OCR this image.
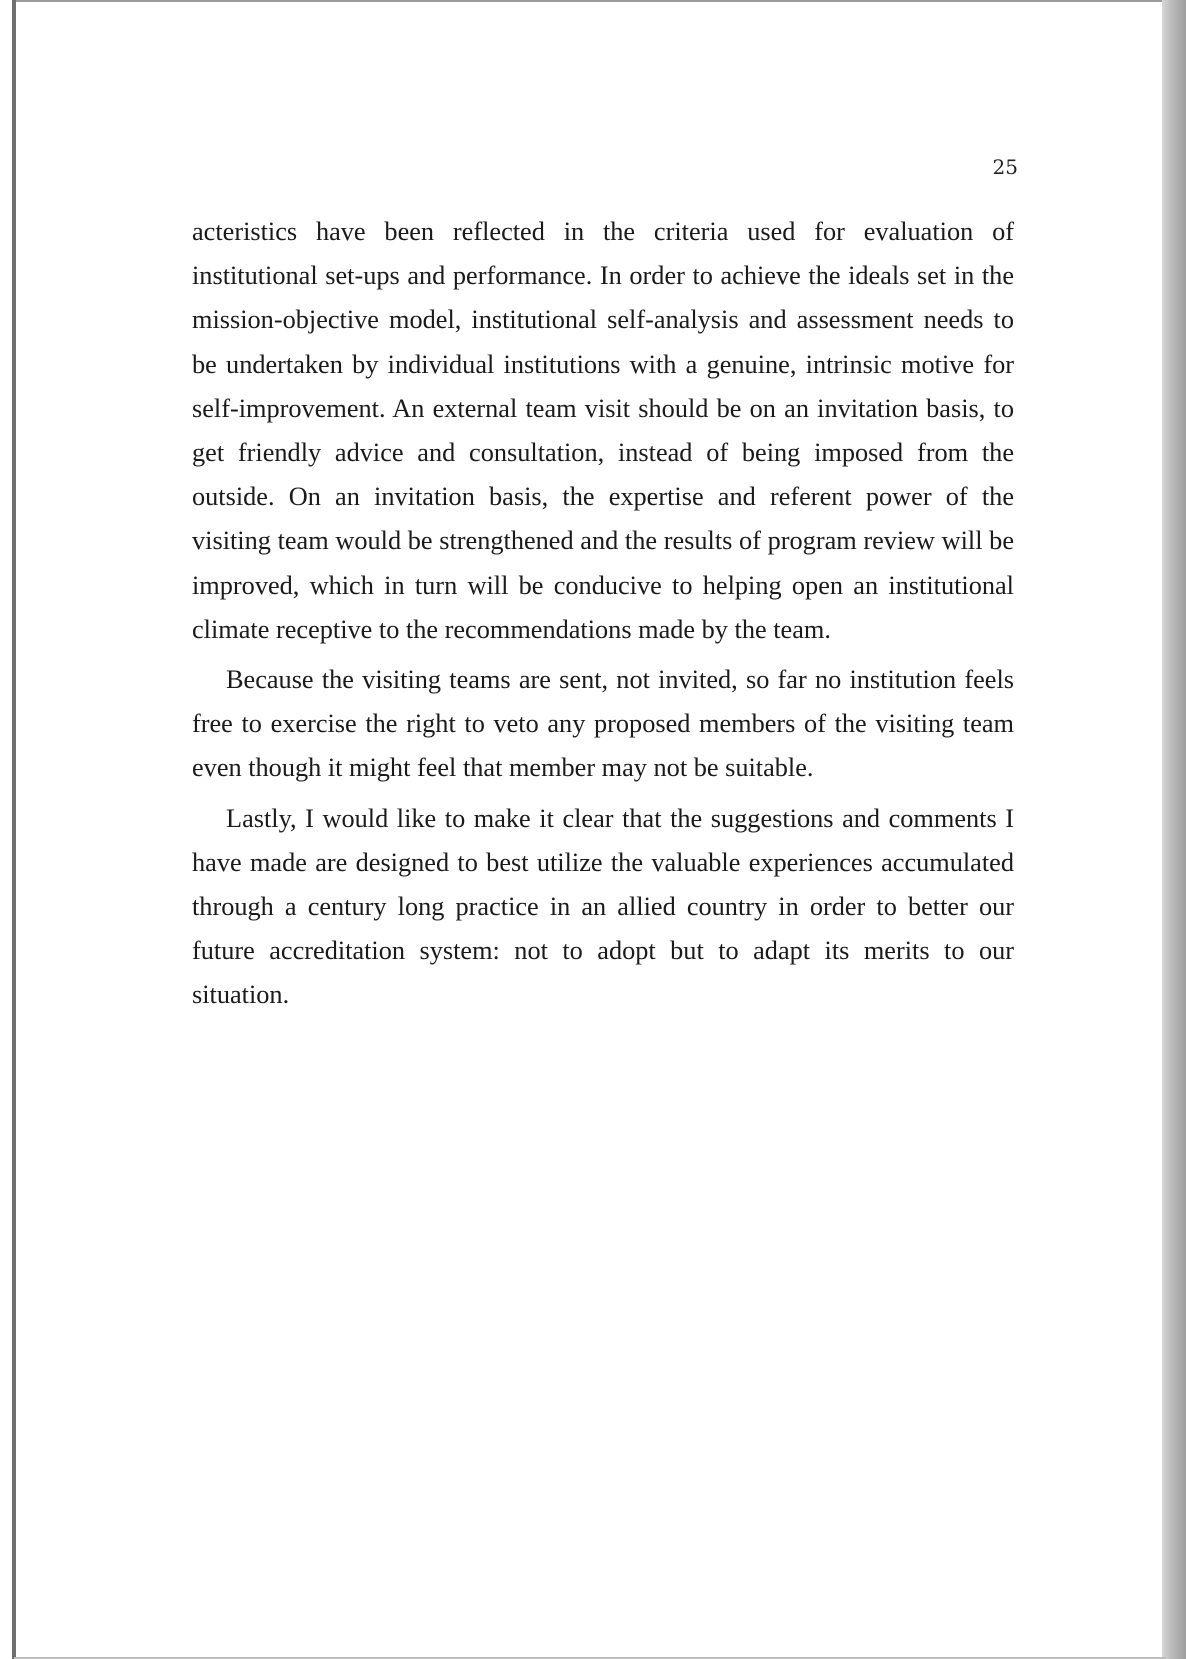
25

acteristics have been reflected in the criteria used for evaluation of institutional set-ups and performance. In order to achieve the ideals set in the mission-objective model, institutional self-analysis and assessment needs to be undertaken by individual institutions with a genuine, intrinsic motive for self-improvement. An external team visit should be on an invitation basis, to get friendly advice and consultation, instead of being imposed from the outside. On an invitation basis, the expertise and referent power of the visiting team would be strengthened and the results of program review will be improved, which in turn will be conducive to helping open an institutional climate receptive to the recommendations made by the team.

Because the visiting teams are sent, not invited, so far no institution feels free to exercise the right to veto any proposed members of the visiting team even though it might feel that member may not be suitable.

Lastly, I would like to make it clear that the suggestions and comments I have made are designed to best utilize the valuable experiences accumulated through a century long practice in an allied country in order to better our future accreditation system: not to adopt but to adapt its merits to our situation.
